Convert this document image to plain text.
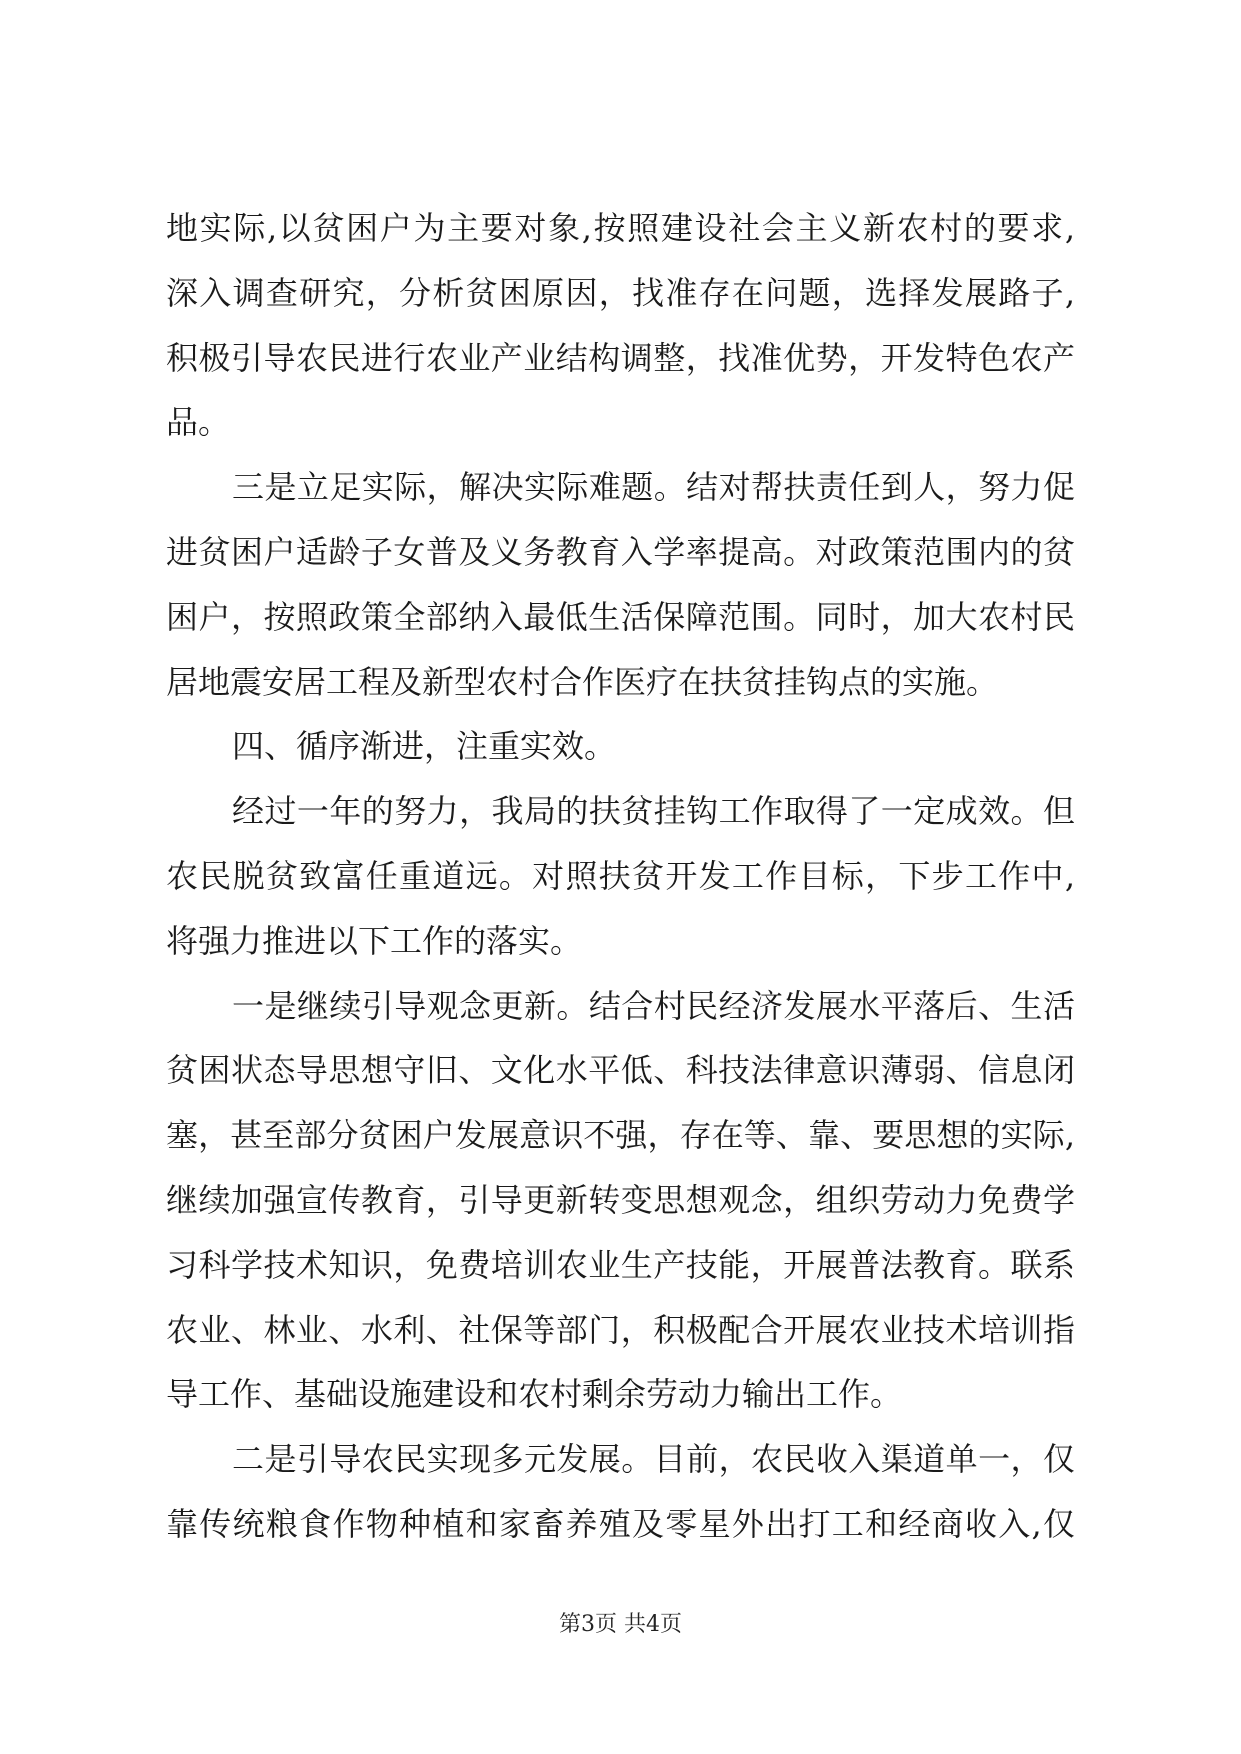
地实际,以贫困户为主要对象,按照建设社会主义新农村的要求,
深入调查研究，分析贫困原因，找准存在问题，选择发展路子,
积极引导农民进行农业产业结构调整，找准优势，开发特色农产
品。
三是立足实际，解决实际难题。结对帮扶责任到人，努力促
进贫困户适龄子女普及义务教育入学率提高。对政策范围内的贫
困户，按照政策全部纳入最低生活保障范围。同时，加大农村民
居地震安居工程及新型农村合作医疗在扶贫挂钩点的实施。
四、循序渐进，注重实效。
经过一年的努力，我局的扶贫挂钩工作取得了一定成效。但
农民脱贫致富任重道远。对照扶贫开发工作目标，下步工作中,
将强力推进以下工作的落实。
一是继续引导观念更新。结合村民经济发展水平落后、生活
贫困状态导思想守旧、文化水平低、科技法律意识薄弱、信息闭
塞，甚至部分贫困户发展意识不强，存在等、靠、要思想的实际,
继续加强宣传教育，引导更新转变思想观念，组织劳动力免费学
习科学技术知识，免费培训农业生产技能，开展普法教育。联系
农业、林业、水利、社保等部门，积极配合开展农业技术培训指
导工作、基础设施建设和农村剩余劳动力输出工作。
二是引导农民实现多元发展。目前，农民收入渠道单一，仅
靠传统粮食作物种植和家畜养殖及零星外出打工和经商收入,仅
第3页 共4页
